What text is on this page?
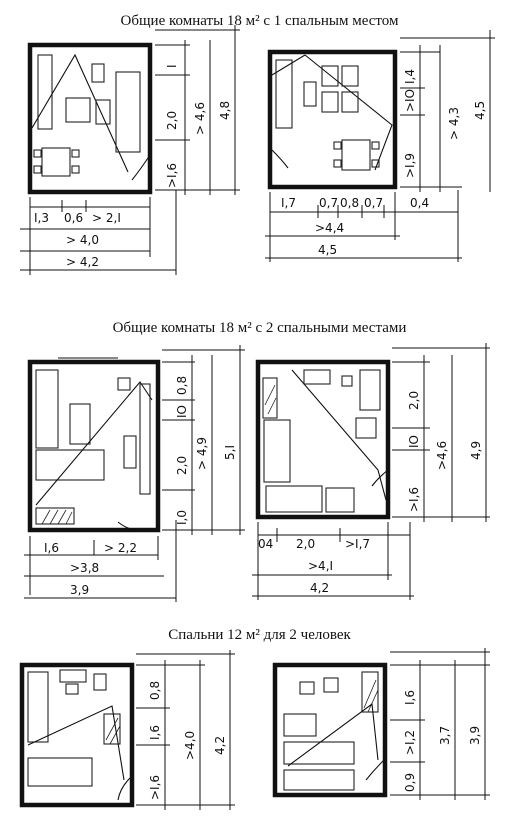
Общие комнаты 18 м² с 1 спальным местом
Общие комнаты 18 м² с 2 спальными местами
Спальни 12 м² для 2 человек
I,3 0,6 > 2,I
> 4,0
> 4,2
I
2,0
>I,6
> 4,6 4,8
I,7 0,7 0,8 0,7 0,4
>4,4
4,5
I,4
>IO
>I,9
> 4,3 4,5
I,6	> 2,2
>3,8
3,9
0,8
IO
2,0
I,0
> 4,9 5,I
04 2,0 >I,7
>4,I
4,2
2,0
IO
>I,6
>4,6 4,9
0,8
I,6
>I,6
>4,0 4,2
I,6
>I,2
0,9
3,7 3,9
